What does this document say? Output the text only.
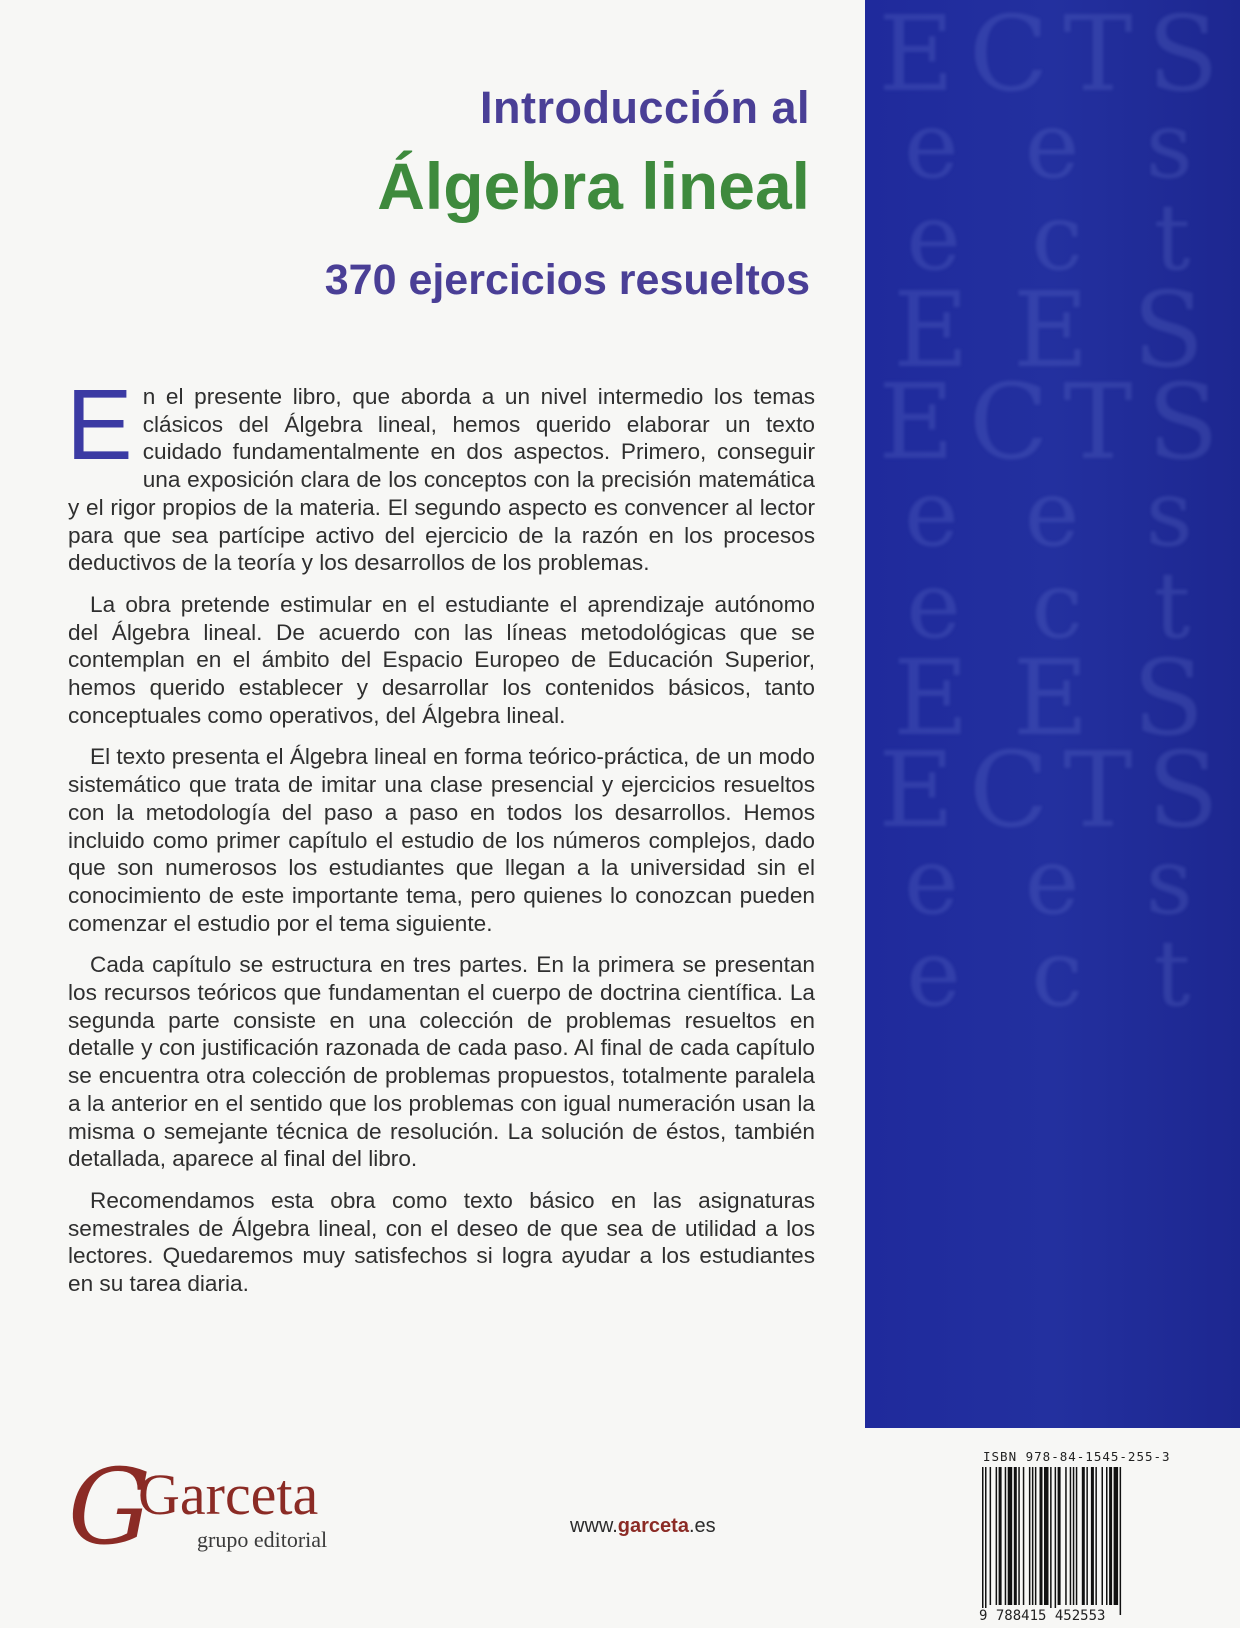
E C T S
e e s
e c t
E E S
E C T S
e e s
e c t
E E S
E C T S
e e s
e c t
Introducción al
Álgebra lineal
370 ejercicios resueltos

En el presente libro, que aborda a un nivel intermedio los temas clásicos del Álgebra lineal, hemos querido elaborar un texto cuidado fundamentalmente en dos aspectos. Primero, conseguir una exposición clara de los conceptos con la precisión matemática y el rigor propios de la materia. El segundo aspecto es convencer al lector para que sea partícipe activo del ejercicio de la razón en los procesos deductivos de la teoría y los desarrollos de los problemas.

La obra pretende estimular en el estudiante el aprendizaje autónomo del Álgebra lineal. De acuerdo con las líneas metodológicas que se contemplan en el ámbito del Espacio Europeo de Educación Superior, hemos querido establecer y desarrollar los contenidos básicos, tanto conceptuales como operativos, del Álgebra lineal.

El texto presenta el Álgebra lineal en forma teórico-práctica, de un modo sistemático que trata de imitar una clase presencial y ejercicios resueltos con la metodología del paso a paso en todos los desarrollos. Hemos incluido como primer capítulo el estudio de los números complejos, dado que son numerosos los estudiantes que llegan a la universidad sin el conocimiento de este importante tema, pero quienes lo conozcan pueden comenzar el estudio por el tema siguiente.

Cada capítulo se estructura en tres partes. En la primera se presentan los recursos teóricos que fundamentan el cuerpo de doctrina científica. La segunda parte consiste en una colección de problemas resueltos en detalle y con justificación razonada de cada paso. Al final de cada capítulo se encuentra otra colección de problemas propuestos, totalmente paralela a la anterior en el sentido que los problemas con igual numeración usan la misma o semejante técnica de resolución. La solución de éstos, también detallada, aparece al final del libro.

Recomendamos esta obra como texto básico en las asignaturas semestrales de Álgebra lineal, con el deseo de que sea de utilidad a los lectores. Quedaremos muy satisfechos si logra ayudar a los estudiantes en su tarea diaria.

G
Garceta
grupo editorial
www.garceta.es
ISBN 978-84-1545-255-3
9 788415 452553
